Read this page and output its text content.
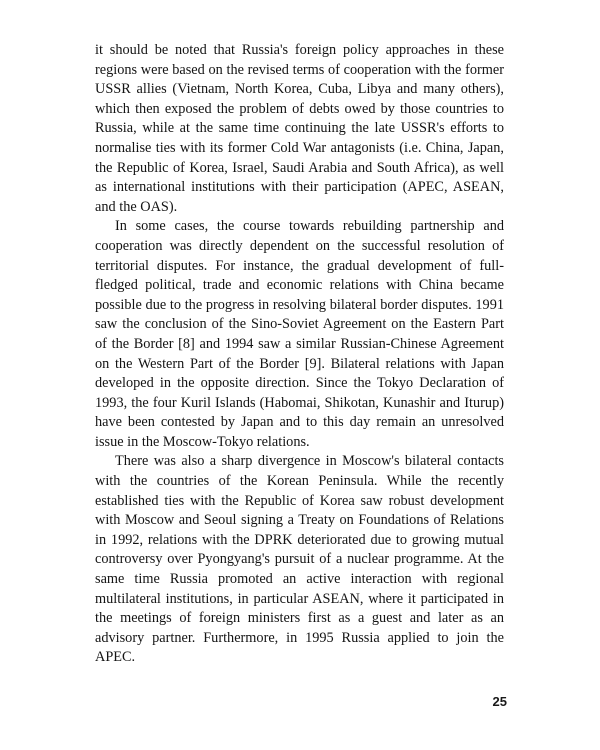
it should be noted that Russia's foreign policy approaches in these regions were based on the revised terms of cooperation with the former USSR allies (Vietnam, North Korea, Cuba, Libya and many others), which then exposed the problem of debts owed by those countries to Russia, while at the same time continuing the late USSR's efforts to normalise ties with its former Cold War antagonists (i.e. China, Japan, the Republic of Korea, Israel, Saudi Arabia and South Africa), as well as international institutions with their participation (APEC, ASEAN, and the OAS).

In some cases, the course towards rebuilding partnership and cooperation was directly dependent on the successful resolution of territorial disputes. For instance, the gradual development of full-fledged political, trade and economic relations with China became possible due to the progress in resolving bilateral border disputes. 1991 saw the conclusion of the Sino-Soviet Agreement on the Eastern Part of the Border [8] and 1994 saw a similar Russian-Chinese Agreement on the Western Part of the Border [9]. Bilateral relations with Japan developed in the opposite direction. Since the Tokyo Declaration of 1993, the four Kuril Islands (Habomai, Shikotan, Kunashir and Iturup) have been contested by Japan and to this day remain an unresolved issue in the Moscow-Tokyo relations.

There was also a sharp divergence in Moscow's bilateral contacts with the countries of the Korean Peninsula. While the recently established ties with the Republic of Korea saw robust development with Moscow and Seoul signing a Treaty on Foundations of Relations in 1992, relations with the DPRK deteriorated due to growing mutual controversy over Pyongyang's pursuit of a nuclear programme. At the same time Russia promoted an active interaction with regional multilateral institutions, in particular ASEAN, where it participated in the meetings of foreign ministers first as a guest and later as an advisory partner. Furthermore, in 1995 Russia applied to join the APEC.

25
